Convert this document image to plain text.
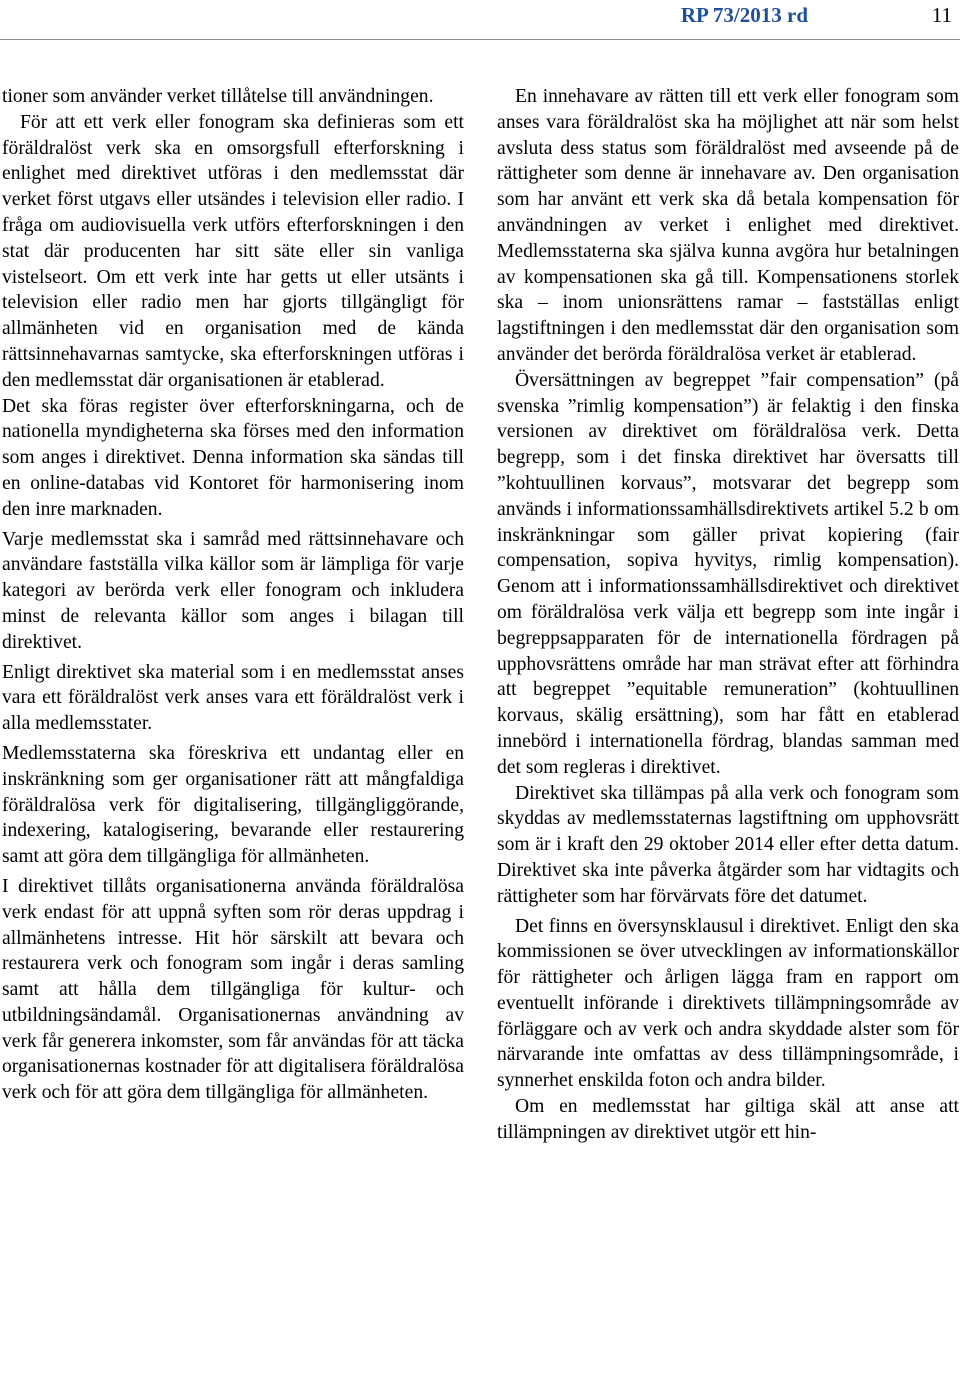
RP 73/2013 rd	11

tioner som använder verket tillåtelse till användningen.

För att ett verk eller fonogram ska definieras som ett föräldralöst verk ska en omsorgsfull efterforskning i enlighet med direktivet utföras i den medlemsstat där verket först utgavs eller utsändes i television eller radio. I fråga om audiovisuella verk utförs efterforskningen i den stat där producenten har sitt säte eller sin vanliga vistelseort. Om ett verk inte har getts ut eller utsänts i television eller radio men har gjorts tillgängligt för allmänheten vid en organisation med de kända rättsinnehavarnas samtycke, ska efterforskningen utföras i den medlemsstat där organisationen är etablerad.

Det ska föras register över efterforskningarna, och de nationella myndigheterna ska förses med den information som anges i direktivet. Denna information ska sändas till en online-databas vid Kontoret för harmonisering inom den inre marknaden.

Varje medlemsstat ska i samråd med rättsinnehavare och användare fastställa vilka källor som är lämpliga för varje kategori av berörda verk eller fonogram och inkludera minst de relevanta källor som anges i bilagan till direktivet.

Enligt direktivet ska material som i en medlemsstat anses vara ett föräldralöst verk anses vara ett föräldralöst verk i alla medlemsstater.

Medlemsstaterna ska föreskriva ett undantag eller en inskränkning som ger organisationer rätt att mångfaldiga föräldralösa verk för digitalisering, tillgängliggörande, indexering, katalogisering, bevarande eller restaurering samt att göra dem tillgängliga för allmänheten.

I direktivet tillåts organisationerna använda föräldralösa verk endast för att uppnå syften som rör deras uppdrag i allmänhetens intresse. Hit hör särskilt att bevara och restaurera verk och fonogram som ingår i deras samling samt att hålla dem tillgängliga för kultur- och utbildningsändamål. Organisationernas användning av verk får generera inkomster, som får användas för att täcka organisationernas kostnader för att digitalisera föräldralösa verk och för att göra dem tillgängliga för allmänheten.

En innehavare av rätten till ett verk eller fonogram som anses vara föräldralöst ska ha möjlighet att när som helst avsluta dess status som föräldralöst med avseende på de rättigheter som denne är innehavare av. Den organisation som har använt ett verk ska då betala kompensation för användningen av verket i enlighet med direktivet. Medlemsstaterna ska själva kunna avgöra hur betalningen av kompensationen ska gå till. Kompensationens storlek ska – inom unionsrättens ramar – fastställas enligt lagstiftningen i den medlemsstat där den organisation som använder det berörda föräldralösa verket är etablerad.

Översättningen av begreppet ”fair compensation” (på svenska ”rimlig kompensation”) är felaktig i den finska versionen av direktivet om föräldralösa verk. Detta begrepp, som i det finska direktivet har översatts till ”kohtuullinen korvaus”, motsvarar det begrepp som används i informationssamhällsdirektivets artikel 5.2 b om inskränkningar som gäller privat kopiering (fair compensation, sopiva hyvitys, rimlig kompensation). Genom att i informationssamhällsdirektivet och direktivet om föräldralösa verk välja ett begrepp som inte ingår i begreppsapparaten för de internationella fördragen på upphovsrättens område har man strävat efter att förhindra att begreppet ”equitable remuneration” (kohtuullinen korvaus, skälig ersättning), som har fått en etablerad innebörd i internationella fördrag, blandas samman med det som regleras i direktivet.

Direktivet ska tillämpas på alla verk och fonogram som skyddas av medlemsstaternas lagstiftning om upphovsrätt som är i kraft den 29 oktober 2014 eller efter detta datum. Direktivet ska inte påverka åtgärder som har vidtagits och rättigheter som har förvärvats före det datumet.

Det finns en översynsklausul i direktivet. Enligt den ska kommissionen se över utvecklingen av informationskällor för rättigheter och årligen lägga fram en rapport om eventuellt införande i direktivets tillämpningsområde av förläggare och av verk och andra skyddade alster som för närvarande inte omfattas av dess tillämpningsområde, i synnerhet enskilda foton och andra bilder.

Om en medlemsstat har giltiga skäl att anse att tillämpningen av direktivet utgör ett hin-
